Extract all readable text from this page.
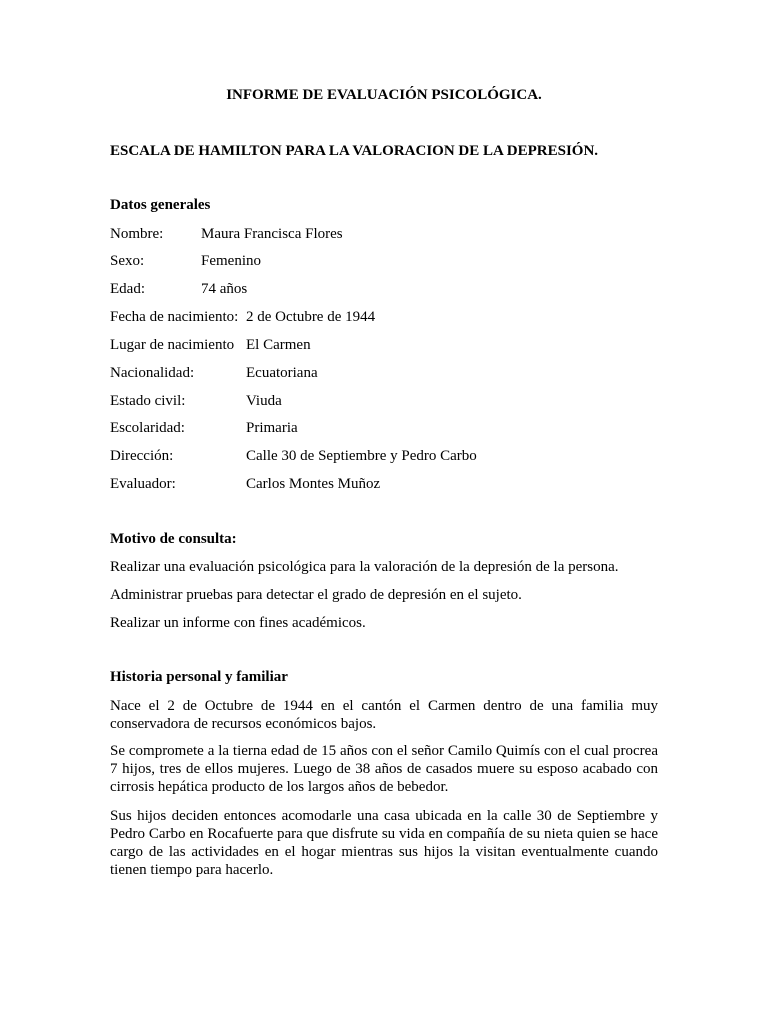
INFORME DE EVALUACIÓN PSICOLÓGICA.
ESCALA DE HAMILTON PARA LA VALORACION DE LA DEPRESIÓN.
Datos generales
Nombre:	Maura Francisca Flores
Sexo:	Femenino
Edad:	74 años
Fecha de nacimiento: 2 de Octubre de 1944
Lugar de nacimiento El Carmen
Nacionalidad:	Ecuatoriana
Estado civil:	Viuda
Escolaridad:	Primaria
Dirección:	Calle 30 de Septiembre y Pedro Carbo
Evaluador:	Carlos Montes Muñoz
Motivo de consulta:
Realizar una evaluación psicológica para la valoración de la depresión de la persona.
Administrar pruebas para detectar el grado de depresión en el sujeto.
Realizar un informe con fines académicos.
Historia personal y familiar
Nace el 2 de Octubre de 1944 en el cantón el Carmen dentro de una familia muy conservadora de recursos económicos bajos.
Se compromete a la tierna edad de 15 años con el señor Camilo Quimís con el cual procrea 7 hijos, tres de ellos mujeres. Luego de 38 años de casados muere su esposo acabado con cirrosis hepática producto de los largos años de bebedor.
Sus hijos deciden entonces acomodarle una casa ubicada en la calle 30 de Septiembre y Pedro Carbo en Rocafuerte para que disfrute su vida en compañía de su nieta quien se hace cargo de las actividades en el hogar mientras sus hijos la visitan eventualmente cuando tienen tiempo para hacerlo.
